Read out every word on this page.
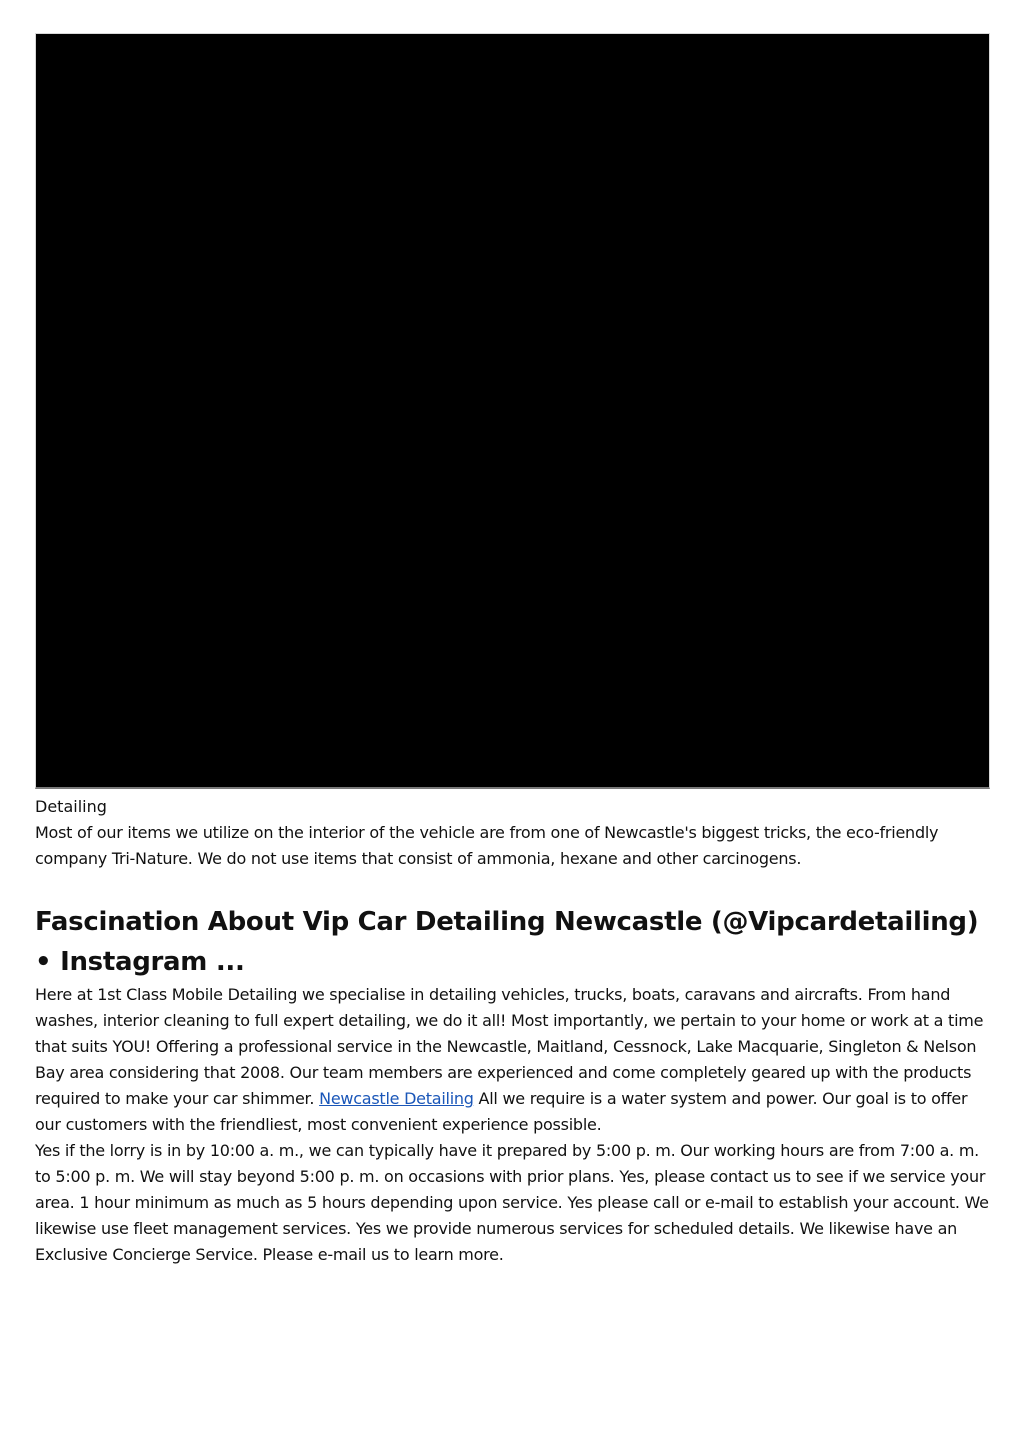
Detailing

Most of our items we utilize on the interior of the vehicle are from one of Newcastle's biggest tricks, the eco-friendly company Tri-Nature. We do not use items that consist of ammonia, hexane and other carcinogens.

Fascination About Vip Car Detailing Newcastle (@Vipcardetailing) • Instagram ...

Here at 1st Class Mobile Detailing we specialise in detailing vehicles, trucks, boats, caravans and aircrafts. From hand washes, interior cleaning to full expert detailing, we do it all! Most importantly, we pertain to your home or work at a time that suits YOU! Offering a professional service in the Newcastle, Maitland, Cessnock, Lake Macquarie, Singleton & Nelson Bay area considering that 2008. Our team members are experienced and come completely geared up with the products required to make your car shimmer. Newcastle Detailing All we require is a water system and power. Our goal is to offer our customers with the friendliest, most convenient experience possible.

Yes if the lorry is in by 10:00 a. m., we can typically have it prepared by 5:00 p. m. Our working hours are from 7:00 a. m. to 5:00 p. m. We will stay beyond 5:00 p. m. on occasions with prior plans. Yes, please contact us to see if we service your area. 1 hour minimum as much as 5 hours depending upon service. Yes please call or e-mail to establish your account. We likewise use fleet management services. Yes we provide numerous services for scheduled details. We likewise have an Exclusive Concierge Service. Please e-mail us to learn more.
